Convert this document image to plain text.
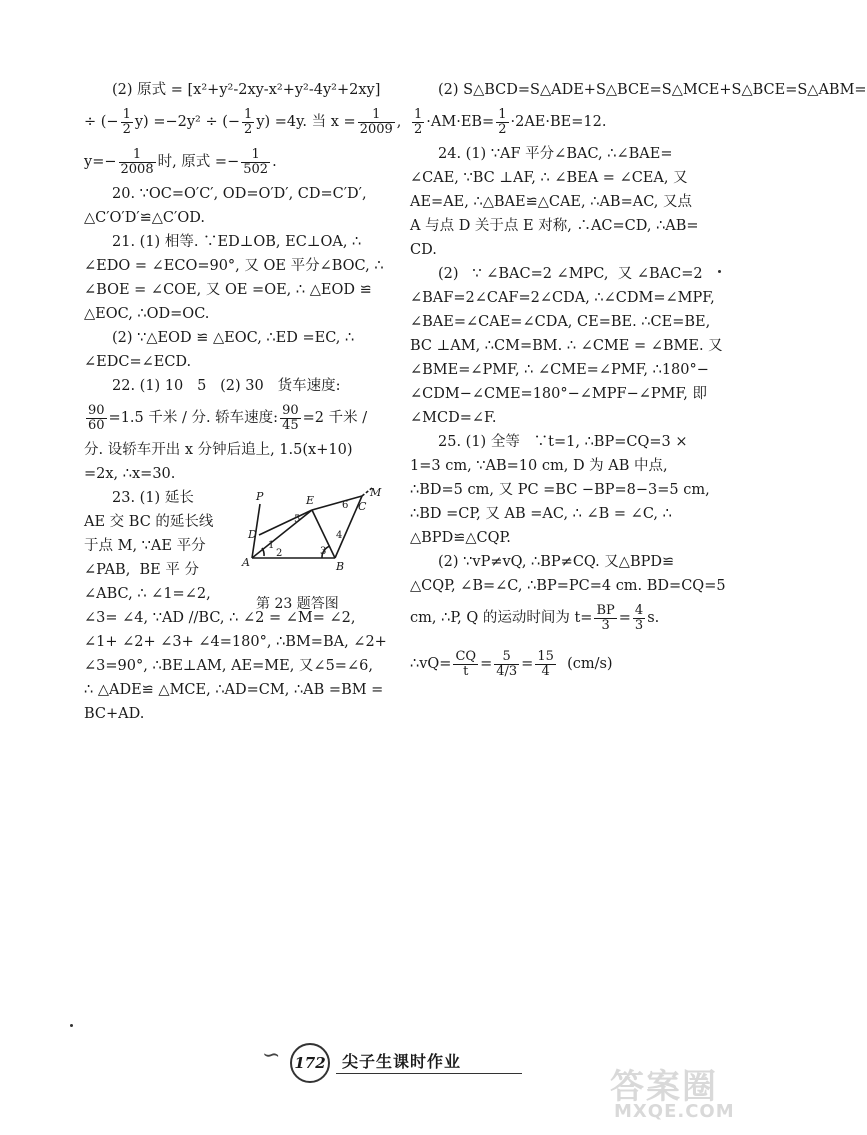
(2) 原式 = [x²+y²-2xy-x²+y²-4y²+2xy]
÷ (− $\frac{1}{2} y) =-2y^2$ ÷ (− $\frac{1}{2} y) =4y$. 当 $x = \frac{1}{2009}$ ,
$y=- \frac{1}{2008}$ 时, 原式 =− $\frac{1}{502}$ .
20. ∵OC=O′C′, OD=O′D′, CD=C′D′,
△C′O′D′≌△C′OD.
21. (1) 相等. ∵ED⊥OB, EC⊥OA, ∴
∠EDO = ∠ECO=90°, 又 OE 平分∠BOC, ∴
∠BOE = ∠COE, 又 OE =OE, ∴ △EOD ≌
△EOC, ∴OD=OC.
(2) ∵△EOD ≌ △EOC, ∴ED =EC, ∴
∠EDC=∠ECD.
22. (1) 10   5   (2) 30   货车速度:
$\frac{90}{60} =1.5$ 千米 / 分. 轿车速度: $\frac{90}{45} =2$ 千米 /
分. 设轿车开出 x 分钟后追上, 1.5(x+10)
=2x, ∴x=30.
23. (1) 延长
AE 交 BC 的延长线
于点 M, ∵AE 平分
∠PAB,  BE 平 分
∠ABC, ∴ ∠1=∠2,
∠3= ∠4, ∵AD //BC, ∴ ∠2 = ∠M= ∠2,
∠1+ ∠2+ ∠3+ ∠4=180°, ∴BM=BA, ∠2+
∠3=90°, ∴BE⊥AM, AE=ME, 又∠5=∠6,
∴ △ADE≌ △MCE, ∴AD=CM, ∴AB =BM =
BC+AD.
P	E
M
C
D
A	B
1
2	3
4
5
6
第 23 题答图
(2) S△BCD=S△ADE+S△BCE=S△MCE+S△BCE=S△ABM=
$\frac{1}{2} \cdot AM\cdot EB= \frac{1}{2} \cdot 2AE\cdot BE=12$.
24. (1) ∵AF 平分∠BAC, ∴∠BAE=
∠CAE, ∵BC ⊥AF, ∴ ∠BEA = ∠CEA, 又
AE=AE, ∴△BAE≌△CAE, ∴AB=AC, 又点
A 与点 D 关于点 E 对称, ∴AC=CD, ∴AB=
CD.
(2)   ∵ ∠BAC=2 ∠MPC,  又 ∠BAC=2
∠BAF=2∠CAF=2∠CDA, ∴∠CDM=∠MPF,
∠BAE=∠CAE=∠CDA, CE=BE. ∴CE=BE,
BC ⊥AM, ∴CM=BM. ∴ ∠CME = ∠BME. 又
∠BME=∠PMF, ∴ ∠CME=∠PMF, ∴180°−
∠CDM−∠CME=180°−∠MPF−∠PMF, 即
∠MCD=∠F.
25. (1) 全等   ∵t=1, ∴BP=CQ=3 ×
1=3 cm, ∵AB=10 cm, D 为 AB 中点,
∴BD=5 cm, 又 PC =BC −BP=8−3=5 cm,
∴BD =CP, 又 AB =AC, ∴ ∠B = ∠C, ∴
△BPD≌△CQP.
(2) ∵vP≠vQ, ∴BP≠CQ. 又△BPD≌
△CQP, ∠B=∠C, ∴BP=PC=4 cm. BD=CQ=5
cm, ∴P, Q 的运动时间为 $t= \frac{BP}{3} = \frac{4}{3} s$.
∴vQ= $\frac{CQ}{t} = \frac{5}{4/3} = \frac{15}{4} (cm/s)$
∽ 172 尖子生课时作业
答案圈
MXQE.COM
